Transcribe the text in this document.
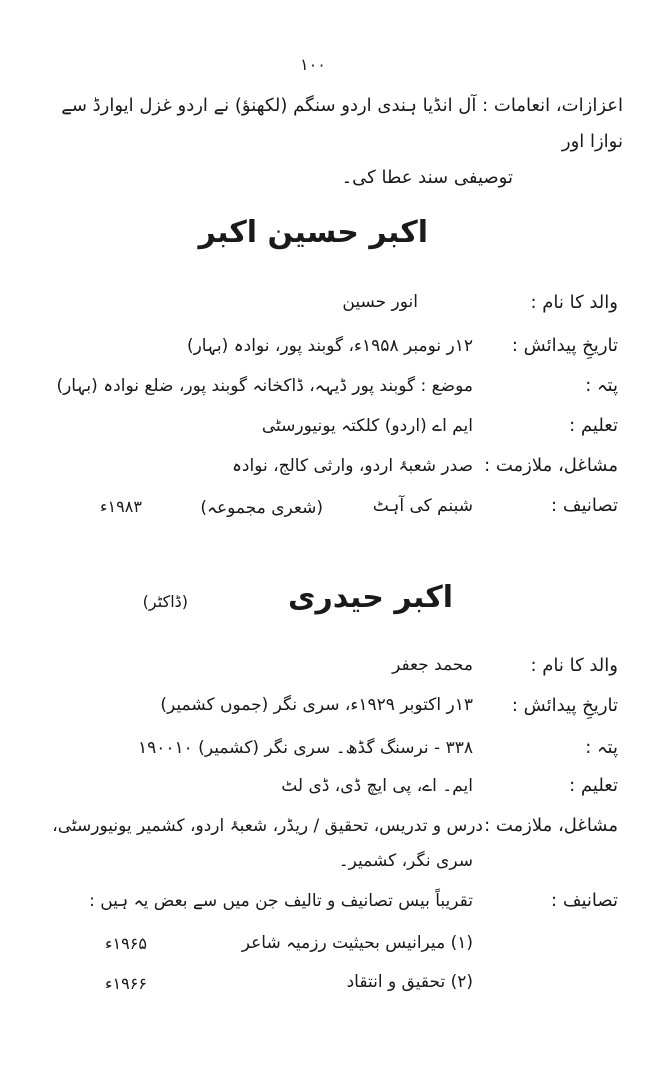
۱۰۰
اعزازات، انعامات : آل انڈیا ہندی اردو سنگم (لکھنؤ) نے اردو غزل ایوارڈ سے نوازا اور
توصیفی سند عطا کی۔
اکبر حسین اکبر
والد کا نام :
انور حسین
تاریخِ پیدائش :
۱۲ر نومبر ۱۹۵۸ء، گوبند پور، نوادہ (بہار)
پتہ :
موضع : گوبند پور ڈیہہ، ڈاکخانہ گوبند پور، ضلع نوادہ (بہار)
تعلیم :
ایم اے (اردو) کلکتہ یونیورسٹی
مشاغل، ملازمت :
صدر شعبۂ اردو، وارثی کالج، نوادہ
تصانیف :
شبنم کی آہٹ
(شعری مجموعہ)
۱۹۸۳ء
اکبر حیدری
(ڈاکٹر)
والد کا نام :
محمد جعفر
تاریخِ پیدائش :
۱۳ر اکتوبر ۱۹۲۹ء، سری نگر (جموں کشمیر)
پتہ :
۳۳۸ - نرسنگ گڈھ۔ سری نگر (کشمیر) ۱۹۰۰۱۰
تعلیم :
ایم۔ اے، پی ایچ ڈی، ڈی لٹ
مشاغل، ملازمت :
درس و تدریس، تحقیق / ریڈر، شعبۂ اردو، کشمیر یونیورسٹی،
سری نگر، کشمیر۔
تصانیف :
تقریباً بیس تصانیف و تالیف جن میں سے بعض یہ ہیں :
(۱) میرانیس بحیثیت رزمیہ شاعر
۱۹۶۵ء
(۲) تحقیق و انتقاد
۱۹۶۶ء
